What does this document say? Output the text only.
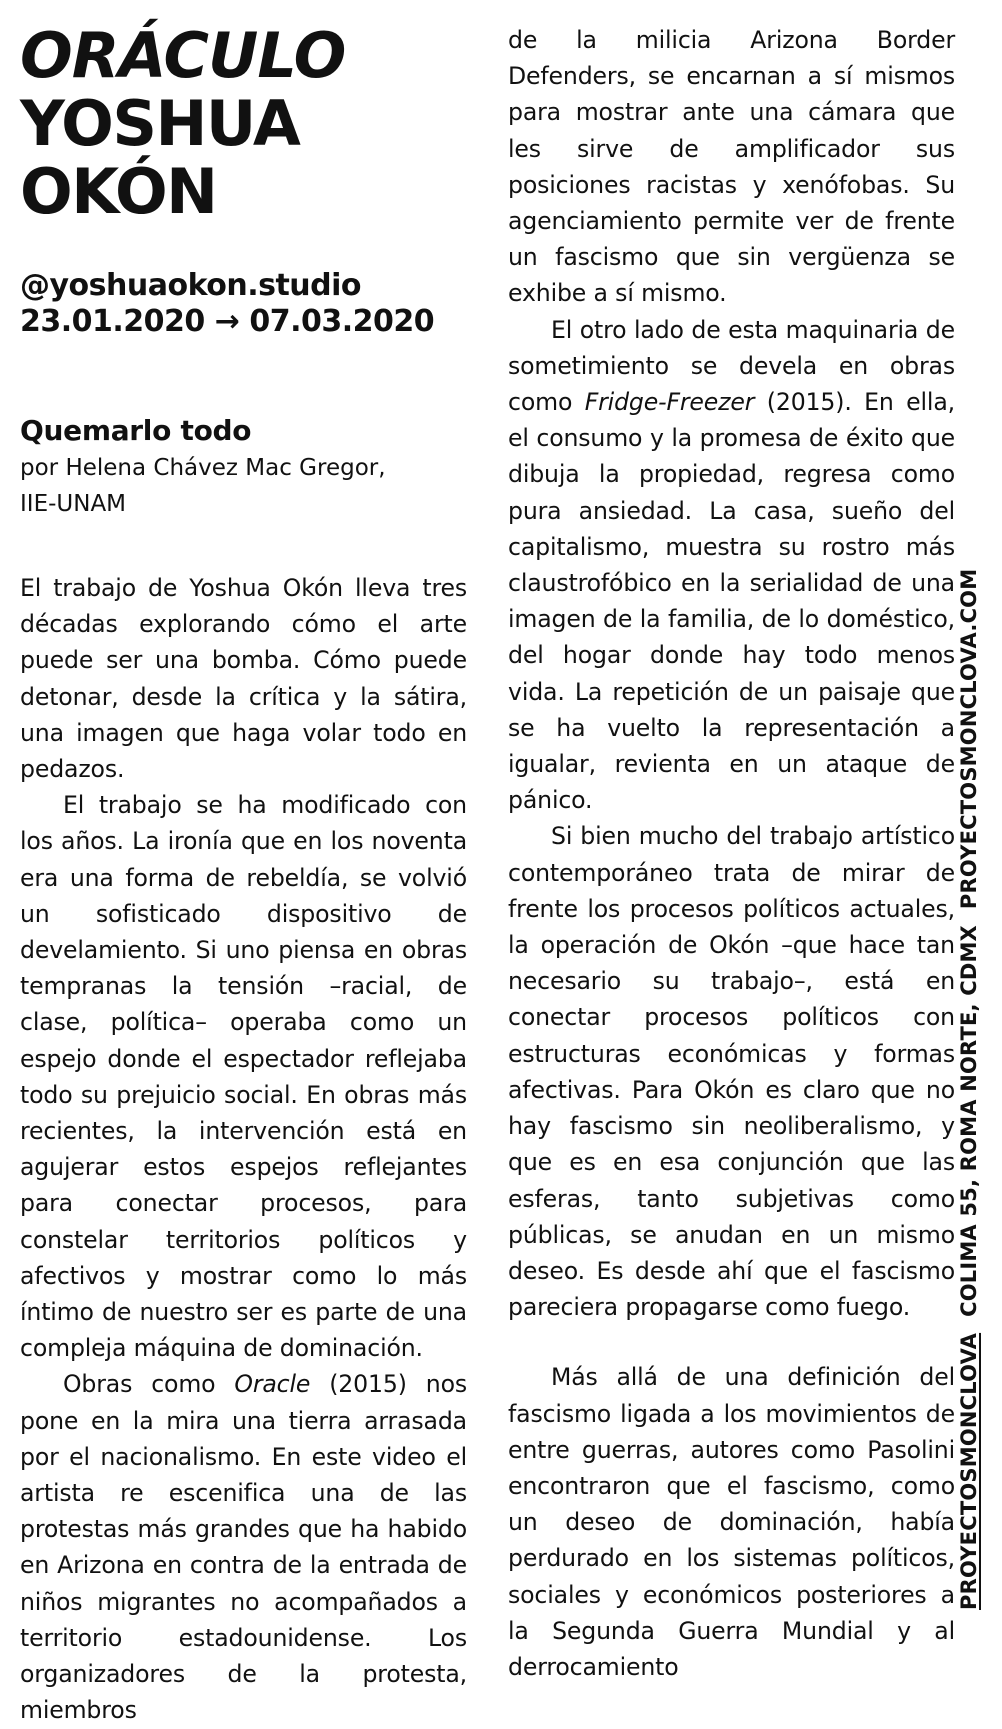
ORÁCULO
YOSHUA OKÓN
@yoshuaokon.studio
23.01.2020 → 07.03.2020
Quemarlo todo
por Helena Chávez Mac Gregor,
IIE-UNAM

El trabajo de Yoshua Okón lleva tres décadas explorando cómo el arte puede ser una bomba. Cómo puede detonar, desde la crítica y la sátira, una imagen que haga volar todo en pedazos.

El trabajo se ha modificado con los años. La ironía que en los noventa era una forma de rebeldía, se volvió un sofisticado dispositivo de develamiento. Si uno piensa en obras tempranas la tensión –racial, de clase, política– operaba como un espejo donde el espectador reflejaba todo su prejuicio social. En obras más recientes, la intervención está en agujerar estos espejos reflejantes para conectar procesos, para constelar territorios políticos y afectivos y mostrar como lo más íntimo de nuestro ser es parte de una compleja máquina de dominación.

Obras como Oracle (2015) nos pone en la mira una tierra arrasada por el nacionalismo. En este video el artista re escenifica una de las protestas más grandes que ha habido en Arizona en contra de la entrada de niños migrantes no acompañados a territorio estadounidense. Los organizadores de la protesta, miembros

de la milicia Arizona Border Defenders, se encarnan a sí mismos para mostrar ante una cámara que les sirve de amplificador sus posiciones racistas y xenófobas. Su agenciamiento permite ver de frente un fascismo que sin vergüenza se exhibe a sí mismo.

El otro lado de esta maquinaria de sometimiento se devela en obras como Fridge-Freezer (2015). En ella, el consumo y la promesa de éxito que dibuja la propiedad, regresa como pura ansiedad. La casa, sueño del capitalismo, muestra su rostro más claustrofóbico en la serialidad de una imagen de la familia, de lo doméstico, del hogar donde hay todo menos vida. La repetición de un paisaje que se ha vuelto la representación a igualar, revienta en un ataque de pánico.

Si bien mucho del trabajo artístico contemporáneo trata de mirar de frente los procesos políticos actuales, la operación de Okón –que hace tan necesario su trabajo–, está en conectar procesos políticos con estructuras económicas y formas afectivas. Para Okón es claro que no hay fascismo sin neoliberalismo, y que es en esa conjunción que las esferas, tanto subjetivas como públicas, se anudan en un mismo deseo. Es desde ahí que el fascismo pareciera propagarse como fuego.

Más allá de una definición del fascismo ligada a los movimientos de entre guerras, autores como Pasolini encontraron que el fascismo, como un deseo de dominación, había perdurado en los sistemas políticos, sociales y económicos posteriores a la Segunda Guerra Mundial y al derrocamiento

PROYECTOSMONCLOVACOLIMA 55, ROMA NORTE, CDMXPROYECTOSMONCLOVA.COM
